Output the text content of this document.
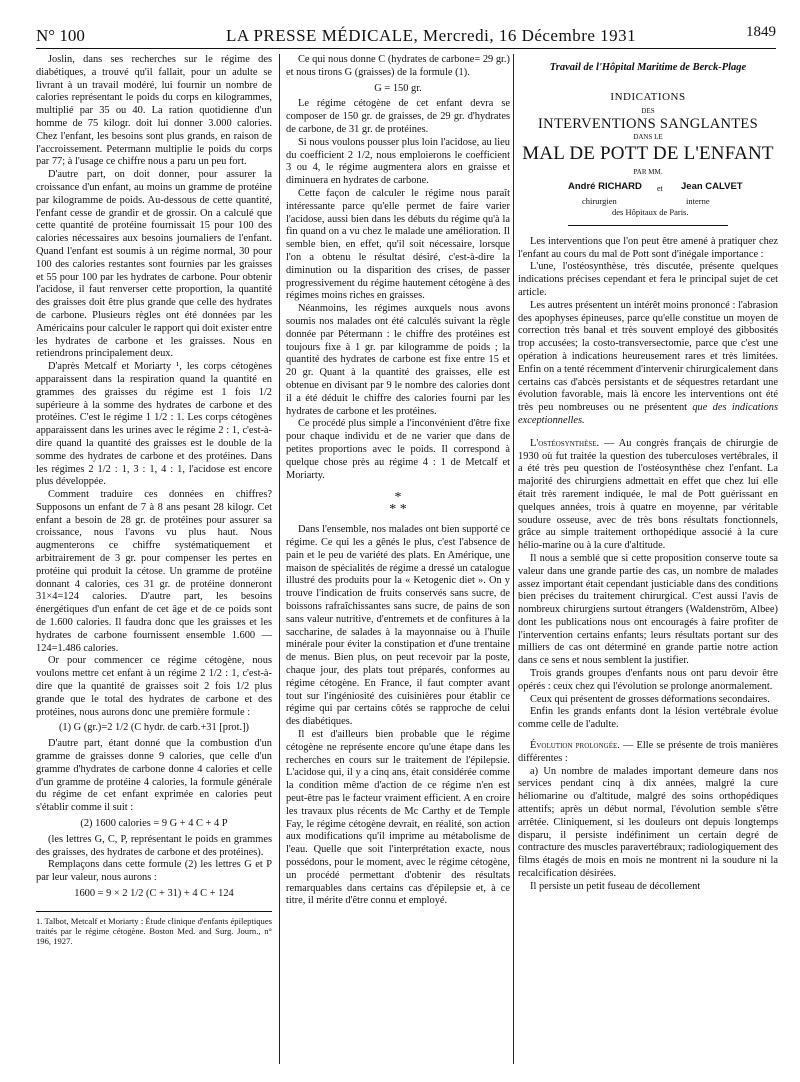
N° 100	LA PRESSE MÉDICALE, Mercredi, 16 Décembre 1931	1849

Joslin, dans ses recherches sur le régime des diabétiques, a trouvé qu'il fallait, pour un adulte se livrant à un travail modéré, lui fournir un nombre de calories représentant le poids du corps en kilogrammes, multiplié par 35 ou 40. La ration quotidienne d'un homme de 75 kilogr. doit lui donner 3.000 calories. Chez l'enfant, les besoins sont plus grands, en raison de l'accroissement. Petermann multiplie le poids du corps par 77; à l'usage ce chiffre nous a paru un peu fort.

D'autre part, on doit donner, pour assurer la croissance d'un enfant, au moins un gramme de protéine par kilogramme de poids. Au-dessous de cette quantité, l'enfant cesse de grandir et de grossir. On a calculé que cette quantité de protéine fournissait 15 pour 100 des calories nécessaires aux besoins journaliers de l'enfant. Quand l'enfant est soumis à un régime normal, 30 pour 100 des calories restantes sont fournies par les graisses et 55 pour 100 par les hydrates de carbone. Pour obtenir l'acidose, il faut renverser cette proportion, la quantité des graisses doit être plus grande que celle des hydrates de carbone. Plusieurs règles ont été données par les Américains pour calculer le rapport qui doit exister entre les hydrates de carbone et les graisses. Nous en retiendrons principalement deux.

D'après Metcalf et Moriarty ¹, les corps cétogènes apparaissent dans la respiration quand la quantité en grammes des graisses du régime est 1 fois 1/2 supérieure à la somme des hydrates de carbone et des protéines. C'est le régime 1 1/2 : 1. Les corps cétogènes apparaissent dans les urines avec le régime 2 : 1, c'est-à-dire quand la quantité des graisses est le double de la somme des hydrates de carbone et des protéines. Dans les régimes 2 1/2 : 1, 3 : 1, 4 : 1, l'acidose est encore plus développée.

Comment traduire ces données en chiffres? Supposons un enfant de 7 à 8 ans pesant 28 kilogr. Cet enfant a besoin de 28 gr. de protéines pour assurer sa croissance, nous l'avons vu plus haut. Nous augmenterons ce chiffre systématiquement et arbitrairement de 3 gr. pour compenser les pertes en protéine qui produit la cétose. Un gramme de protéine donnant 4 calories, ces 31 gr. de protéine donneront 31×4=124 calories. D'autre part, les besoins énergétiques d'un enfant de cet âge et de ce poids sont de 1.600 calories. Il faudra donc que les graisses et les hydrates de carbone fournissent ensemble 1.600 — 124=1.486 calories.

Or pour commencer ce régime cétogène, nous voulons mettre cet enfant à un régime 2 1/2 : 1, c'est-à-dire que la quantité de graisses soit 2 fois 1/2 plus grande que le total des hydrates de carbone et des protéines, nous aurons donc une première formule :

(1) G (gr.)=2 1/2 (C hydr. de carb.+31 [prot.])

D'autre part, étant donné que la combustion d'un gramme de graisses donne 9 calories, que celle d'un gramme d'hydrates de carbone donne 4 calories et celle d'un gramme de protéine 4 calories, la formule générale du régime de cet enfant exprimée en calories peut s'établir comme il suit :

(2) 1600 calories = 9 G + 4 C + 4 P

(les lettres G, C, P, représentant le poids en grammes des graisses, des hydrates de carbone et des protéines).

Remplaçons dans cette formule (2) les lettres G et P par leur valeur, nous aurons :

1600 = 9 × 2 1/2 (C + 31) + 4 C + 124

1. Talbot, Metcalf et Moriarty : Étude clinique d'enfants épileptiques traités par le régime cétogène. Boston Med. and Surg. Journ., n° 196, 1927.

Ce qui nous donne C (hydrates de carbone= 29 gr.) et nous tirons G (graisses) de la formule (1).

G = 150 gr.

Le régime cétogène de cet enfant devra se composer de 150 gr. de graisses, de 29 gr. d'hydrates de carbone, de 31 gr. de protéines.

Si nous voulons pousser plus loin l'acidose, au lieu du coefficient 2 1/2, nous emploierons le coefficient 3 ou 4, le régime augmentera alors en graisse et diminuera en hydrates de carbone.

Cette façon de calculer le régime nous paraît intéressante parce qu'elle permet de faire varier l'acidose, aussi bien dans les débuts du régime qu'à la fin quand on a vu chez le malade une amélioration. Il semble bien, en effet, qu'il soit nécessaire, lorsque l'on a obtenu le résultat désiré, c'est-à-dire la diminution ou la disparition des crises, de passer progressivement du régime hautement cétogène à des régimes moins riches en graisses.

Néanmoins, les régimes auxquels nous avons soumis nos malades ont été calculés suivant la règle donnée par Pétermann : le chiffre des protéines est toujours fixe à 1 gr. par kilogramme de poids ; la quantité des hydrates de carbone est fixe entre 15 et 20 gr. Quant à la quantité des graisses, elle est obtenue en divisant par 9 le nombre des calories dont il a été déduit le chiffre des calories fourni par les hydrates de carbone et les protéines.

Ce procédé plus simple a l'inconvénient d'être fixe pour chaque individu et de ne varier que dans de petites proportions avec le poids. Il correspond à quelque chose près au régime 4 : 1 de Metcalf et Moriarty.

*
* *

Dans l'ensemble, nos malades ont bien supporté ce régime. Ce qui les a gênés le plus, c'est l'absence de pain et le peu de variété des plats. En Amérique, une maison de spécialités de régime a dressé un catalogue illustré des produits pour la « Ketogenic diet ». On y trouve l'indication de fruits conservés sans sucre, de boissons rafraîchissantes sans sucre, de pains de son sans valeur nutritive, d'entremets et de confitures à la saccharine, de salades à la mayonnaise ou à l'huile minérale pour éviter la constipation et d'une trentaine de menus. Bien plus, on peut recevoir par la poste, chaque jour, des plats tout préparés, conformes au régime cétogène. En France, il faut compter avant tout sur l'ingéniosité des cuisinières pour établir ce régime qui par certains côtés se rapproche de celui des diabétiques.

Il est d'ailleurs bien probable que le régime cétogène ne représente encore qu'une étape dans les recherches en cours sur le traitement de l'épilepsie. L'acidose qui, il y a cinq ans, était considérée comme la condition même d'action de ce régime n'en est peut-être pas le facteur vraiment efficient. A en croire les travaux plus récents de Mc Carthy et de Temple Fay, le régime cétogène devrait, en réalité, son action aux modifications qu'il imprime au métabolisme de l'eau. Quelle que soit l'interprétation exacte, nous possédons, pour le moment, avec le régime cétogène, un procédé permettant d'obtenir des résultats remarquables dans certains cas d'épilepsie et, à ce titre, il mérite d'être connu et employé.

Travail de l'Hôpital Maritime de Berck-Plage
INDICATIONS
DES
INTERVENTIONS SANGLANTES
DANS LE
MAL DE POTT DE L'ENFANT
PAR MM.
André RICHARD et Jean CALVET
chirurgien	interne
des Hôpitaux de Paris.

Les interventions que l'on peut être amené à pratiquer chez l'enfant au cours du mal de Pott sont d'inégale importance :

L'une, l'ostéosynthèse, très discutée, présente quelques indications précises cependant et fera le principal sujet de cet article.

Les autres présentent un intérêt moins prononcé : l'abrasion des apophyses épineuses, parce qu'elle constitue un moyen de correction très banal et très souvent employé des gibbosités trop accusées; la costo-transversectomie, parce que c'est une opération à indications heureusement rares et très limitées. Enfin on a tenté récemment d'intervenir chirurgicalement dans certains cas d'abcès persistants et de séquestres retardant une évolution favorable, mais là encore les interventions ont été très peu nombreuses ou ne présentent que des indications exceptionnelles.

L'ostéosynthèse. — Au congrès français de chirurgie de 1930 où fut traitée la question des tuberculoses vertébrales, il a été très peu question de l'ostéosynthèse chez l'enfant. La majorité des chirurgiens admettait en effet que chez lui elle était très rarement indiquée, le mal de Pott guérissant en quelques années, trois à quatre en moyenne, par véritable soudure osseuse, avec de très bons résultats fonctionnels, grâce au simple traitement orthopédique associé à la cure hélio-marine ou à la cure d'altitude.

Il nous a semblé que si cette proposition conserve toute sa valeur dans une grande partie des cas, un nombre de malades assez important était cependant justiciable dans des conditions bien précises du traitement chirurgical. C'est aussi l'avis de nombreux chirurgiens surtout étrangers (Waldenström, Albee) dont les publications nous ont encouragés à faire profiter de l'intervention certains enfants; leurs résultats portant sur des milliers de cas ont déterminé en grande partie notre action dans ce sens et nous semblent la justifier.

Trois grands groupes d'enfants nous ont paru devoir être opérés : ceux chez qui l'évolution se prolonge anormalement.

Ceux qui présentent de grosses déformations secondaires.

Enfin les grands enfants dont la lésion vertébrale évolue comme celle de l'adulte.

Évolution prolongée. — Elle se présente de trois manières différentes :

a) Un nombre de malades important demeure dans nos services pendant cinq à dix années, malgré la cure héliomarine ou d'altitude, malgré des soins orthopédiques attentifs; après un début normal, l'évolution semble s'être arrêtée. Cliniquement, si les douleurs ont depuis longtemps disparu, il persiste indéfiniment un certain degré de contracture des muscles paravertébraux; radiologiquement des films étagés de mois en mois ne montrent ni la soudure ni la recalcification désirées.

Il persiste un petit fuseau de décollement
